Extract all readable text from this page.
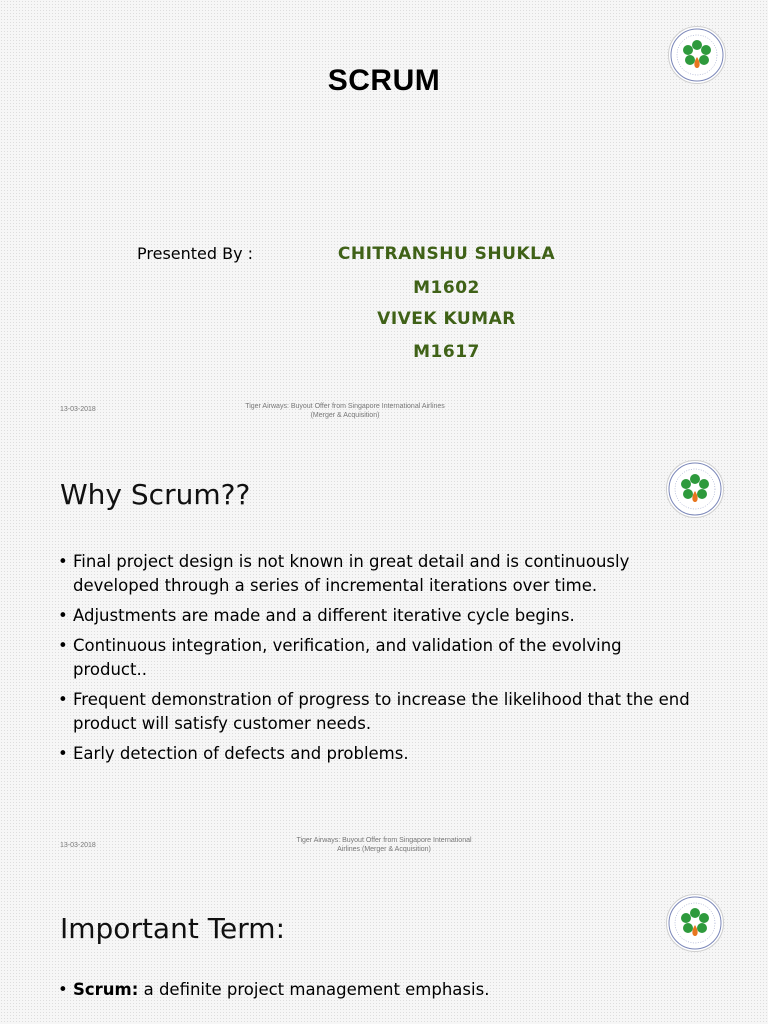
SCRUM
Presented By :	CHITRANSHU SHUKLA
M1602
VIVEK KUMAR
M1617
13-03-2018	Tiger Airways: Buyout Offer from Singapore International Airlines
(Merger & Acquisition)
Why Scrum??
• Final project design is not known in great detail and is continuously developed through a series of incremental iterations over time.
• Adjustments are made and a different iterative cycle begins.
• Continuous integration, verification, and validation of the evolving product..
• Frequent demonstration of progress to increase the likelihood that the end product will satisfy customer needs.
• Early detection of defects and problems.
13-03-2018
Tiger Airways: Buyout Offer from Singapore International
Airlines (Merger & Acquisition)
Important Term:
• Scrum: a definite project management emphasis.
